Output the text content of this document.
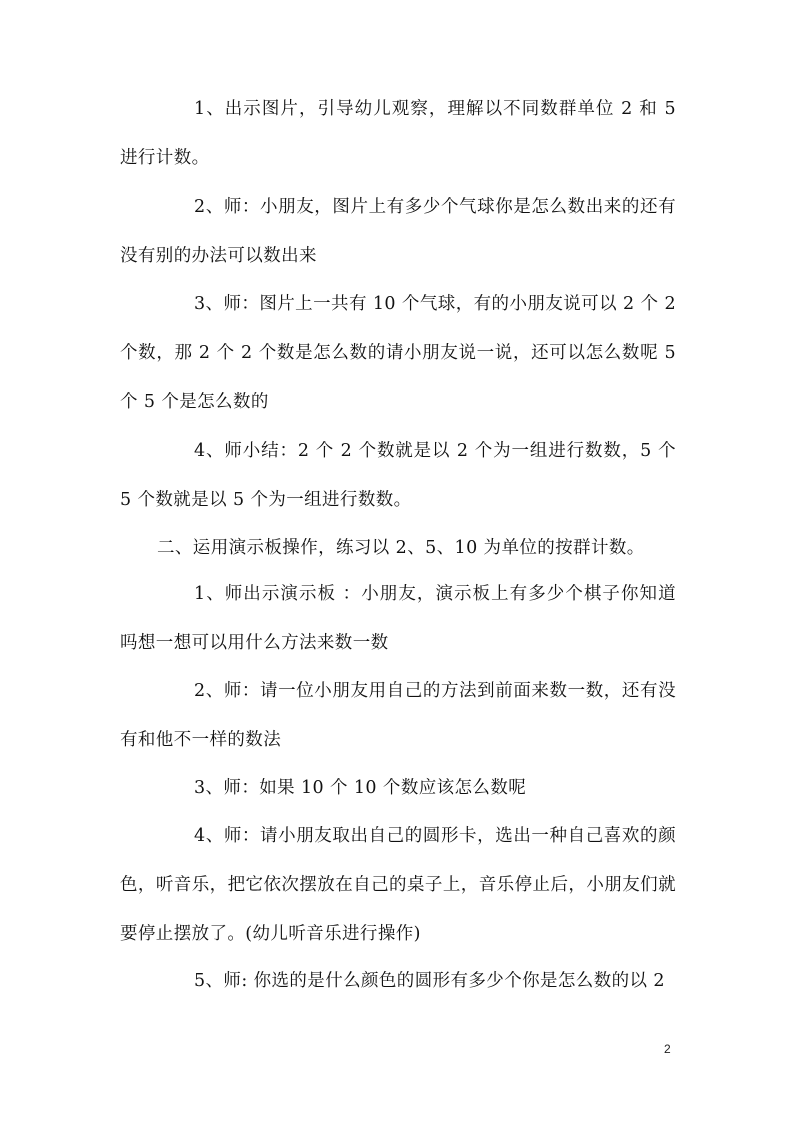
1、出示图片，引导幼儿观察，理解以不同数群单位 2 和 5 进行计数。

2、师：小朋友，图片上有多少个气球你是怎么数出来的还有没有别的办法可以数出来

3、师：图片上一共有 10 个气球，有的小朋友说可以 2 个 2 个数，那 2 个 2 个数是怎么数的请小朋友说一说，还可以怎么数呢 5 个 5 个是怎么数的

4、师小结：2 个 2 个数就是以 2 个为一组进行数数，5 个 5 个数就是以 5 个为一组进行数数。

二、运用演示板操作，练习以 2、5、10 为单位的按群计数。

1、师出示演示板 ：小朋友，演示板上有多少个棋子你知道吗想一想可以用什么方法来数一数

2、师：请一位小朋友用自己的方法到前面来数一数，还有没有和他不一样的数法

3、师：如果 10 个 10 个数应该怎么数呢

4、师：请小朋友取出自己的圆形卡，选出一种自己喜欢的颜色，听音乐，把它依次摆放在自己的桌子上，音乐停止后，小朋友们就要停止摆放了。(幼儿听音乐进行操作)

5、师: 你选的是什么颜色的圆形有多少个你是怎么数的以 2

2
